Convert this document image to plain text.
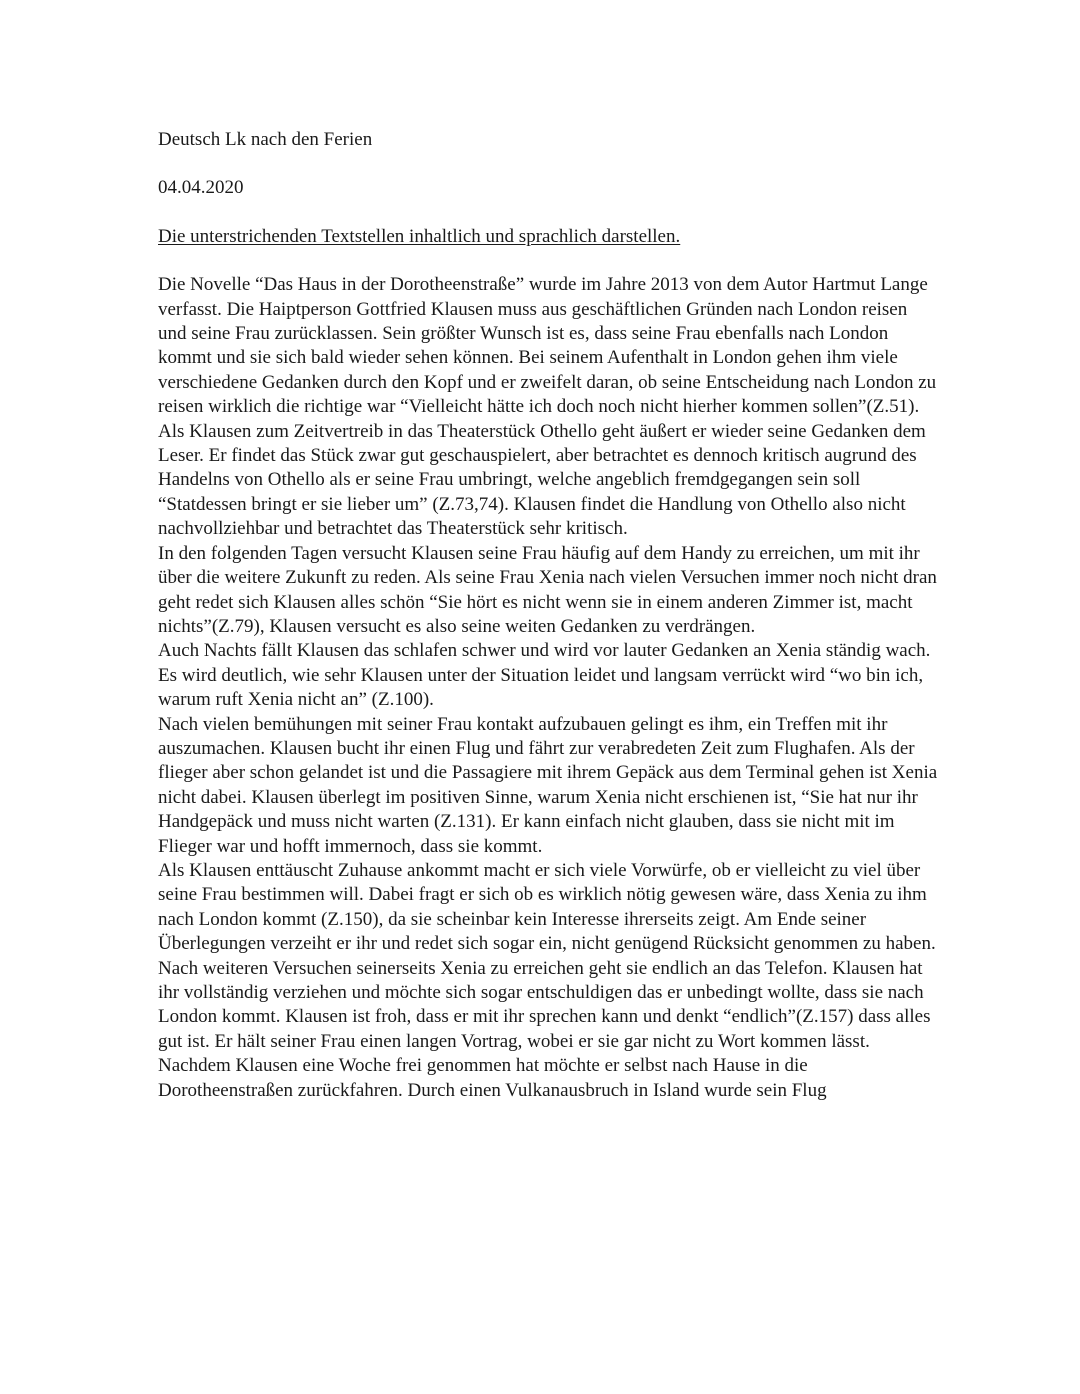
Deutsch Lk nach den Ferien

04.04.2020

Die unterstrichenden Textstellen inhaltlich und sprachlich darstellen.

Die Novelle “Das Haus in der Dorotheenstraße” wurde im Jahre 2013 von dem Autor Hartmut Lange verfasst. Die Haiptperson Gottfried Klausen muss aus geschäftlichen Gründen nach London reisen und seine Frau zurücklassen. Sein größter Wunsch ist es, dass seine Frau ebenfalls nach London kommt und sie sich bald wieder sehen können. Bei seinem Aufenthalt in London gehen ihm viele verschiedene Gedanken durch den Kopf und er zweifelt daran, ob seine Entscheidung nach London zu reisen wirklich die richtige war “Vielleicht hätte ich doch noch nicht hierher kommen sollen”(Z.51).

Als Klausen zum Zeitvertreib in das Theaterstück Othello geht äußert er wieder seine Gedanken dem Leser. Er findet das Stück zwar gut geschauspielert, aber betrachtet es dennoch kritisch augrund des Handelns von Othello als er seine Frau umbringt, welche angeblich fremdgegangen sein soll “Statdessen bringt er sie lieber um” (Z.73,74). Klausen findet die Handlung von Othello also nicht nachvollziehbar und betrachtet das Theaterstück sehr kritisch.

In den folgenden Tagen versucht Klausen seine Frau häufig auf dem Handy zu erreichen, um mit ihr über die weitere Zukunft zu reden. Als seine Frau Xenia nach vielen Versuchen immer noch nicht dran geht redet sich Klausen alles schön “Sie hört es nicht wenn sie in einem anderen Zimmer ist, macht nichts”(Z.79), Klausen versucht es also seine weiten Gedanken zu verdrängen.

Auch Nachts fällt Klausen das schlafen schwer und wird vor lauter Gedanken an Xenia ständig wach. Es wird deutlich, wie sehr Klausen unter der Situation leidet und langsam verrückt wird “wo bin ich, warum ruft Xenia nicht an” (Z.100).

Nach vielen bemühungen mit seiner Frau kontakt aufzubauen gelingt es ihm, ein Treffen mit ihr auszumachen. Klausen bucht ihr einen Flug und fährt zur verabredeten Zeit zum Flughafen. Als der flieger aber schon gelandet ist und die Passagiere mit ihrem Gepäck aus dem Terminal gehen ist Xenia nicht dabei. Klausen überlegt im positiven Sinne, warum Xenia nicht erschienen ist, “Sie hat nur ihr Handgepäck und muss nicht warten (Z.131). Er kann einfach nicht glauben, dass sie nicht mit im Flieger war und hofft immernoch, dass sie kommt.

Als Klausen enttäuscht Zuhause ankommt macht er sich viele Vorwürfe, ob er vielleicht zu viel über seine Frau bestimmen will. Dabei fragt er sich ob es wirklich nötig gewesen wäre, dass Xenia zu ihm nach London kommt (Z.150), da sie scheinbar kein Interesse ihrerseits zeigt. Am Ende seiner Überlegungen verzeiht er ihr und redet sich sogar ein, nicht genügend Rücksicht genommen zu haben.

Nach weiteren Versuchen seinerseits Xenia zu erreichen geht sie endlich an das Telefon. Klausen hat ihr vollständig verziehen und möchte sich sogar entschuldigen das er unbedingt wollte, dass sie nach London kommt. Klausen ist froh, dass er mit ihr sprechen kann und denkt “endlich”(Z.157) dass alles gut ist. Er hält seiner Frau einen langen Vortrag, wobei er sie gar nicht zu Wort kommen lässt.

Nachdem Klausen eine Woche frei genommen hat möchte er selbst nach Hause in die Dorotheenstraßen zurückfahren. Durch einen Vulkanausbruch in Island wurde sein Flug
